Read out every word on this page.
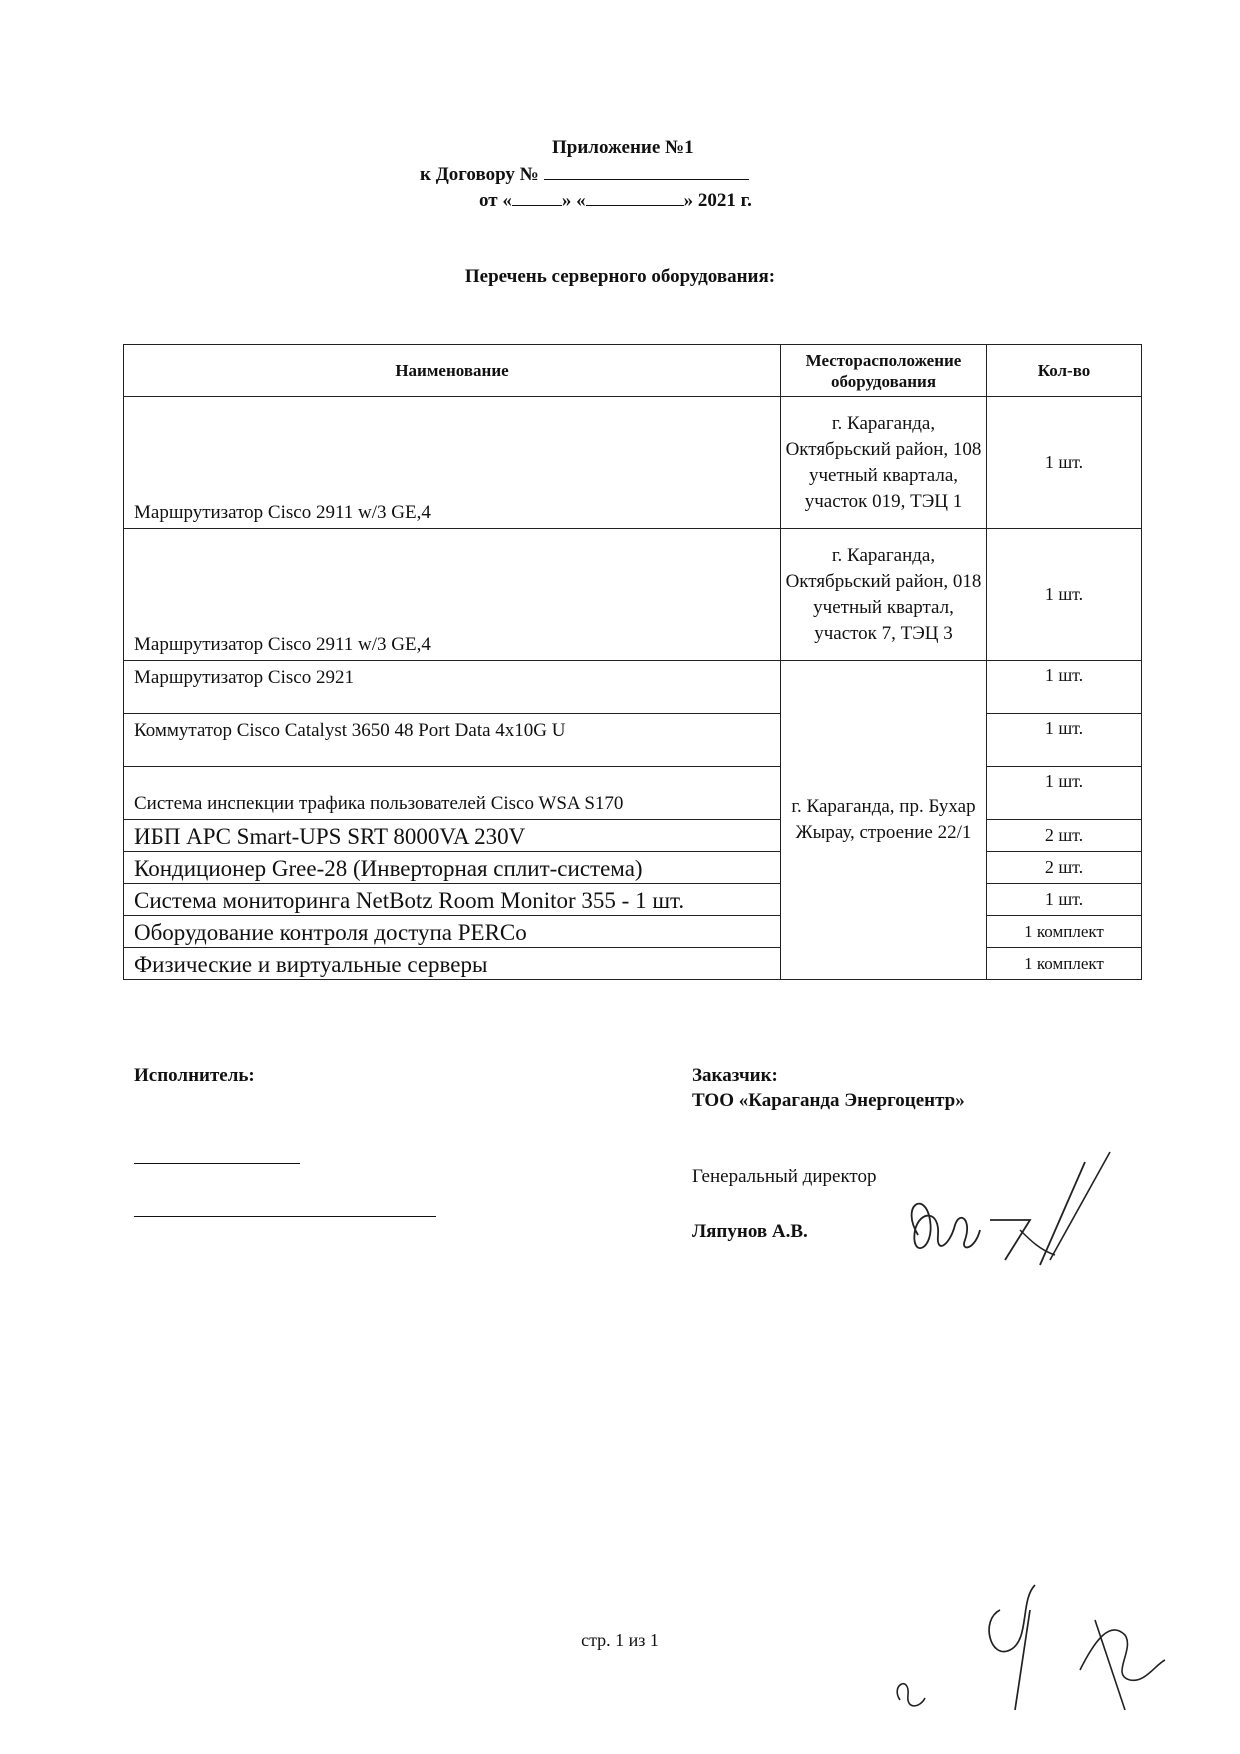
Приложение №1
к Договору №
от «	» «	» 2021 г.
Перечень серверного оборудования:
Наименование	Месторасположение оборудования	Кол-во
Маршрутизатор Cisco 2911 w/3 GE,4	г. Караганда, Октябрьский район, 108 учетный квартала, участок 019, ТЭЦ 1	1 шт.
Маршрутизатор Cisco 2911 w/3 GE,4	г. Караганда, Октябрьский район, 018 учетный квартал, участок 7, ТЭЦ 3	1 шт.
Маршрутизатор Cisco 2921	г. Караганда, пр. Бухар Жырау, строение 22/1	1 шт.
Коммутатор Cisco Catalyst 3650 48 Port Data 4x10G U		1 шт.
Система инспекции трафика пользователей Cisco WSA S170		1 шт.
ИБП APC Smart-UPS SRT 8000VA 230V		2 шт.
Кондиционер Gree-28 (Инверторная сплит-система)		2 шт.
Система мониторинга NetBotz Room Monitor 355 - 1 шт.		1 шт.
Оборудование контроля доступа PERCo		1 комплект
Физические и виртуальные серверы		1 комплект
Исполнитель:	Заказчик:
ТОО «Караганда Энергоцентр»
Генеральный директор
Ляпунов А.В.
стр. 1 из 1
